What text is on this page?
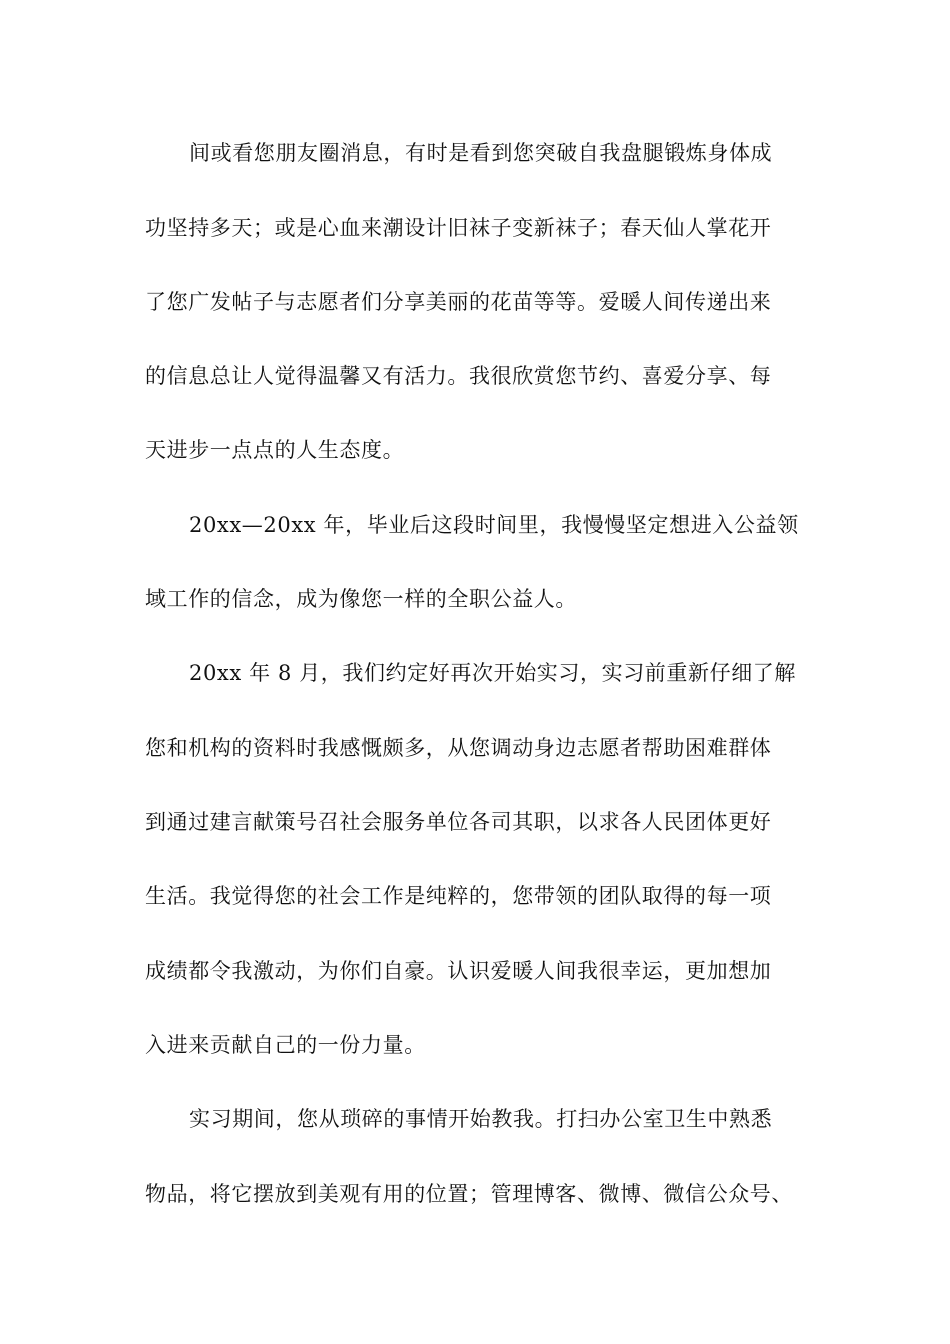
间或看您朋友圈消息，有时是看到您突破自我盘腿锻炼身体成
功坚持多天；或是心血来潮设计旧袜子变新袜子；春天仙人掌花开
了您广发帖子与志愿者们分享美丽的花苗等等。爱暖人间传递出来
的信息总让人觉得温馨又有活力。我很欣赏您节约、喜爱分享、每
天进步一点点的人生态度。
20xx—20xx 年，毕业后这段时间里，我慢慢坚定想进入公益领
域工作的信念，成为像您一样的全职公益人。
20xx 年 8 月，我们约定好再次开始实习，实习前重新仔细了解
您和机构的资料时我感慨颇多，从您调动身边志愿者帮助困难群体
到通过建言献策号召社会服务单位各司其职，以求各人民团体更好
生活。我觉得您的社会工作是纯粹的，您带领的团队取得的每一项
成绩都令我激动，为你们自豪。认识爱暖人间我很幸运，更加想加
入进来贡献自己的一份力量。
实习期间，您从琐碎的事情开始教我。打扫办公室卫生中熟悉
物品，将它摆放到美观有用的位置；管理博客、微博、微信公众号、
